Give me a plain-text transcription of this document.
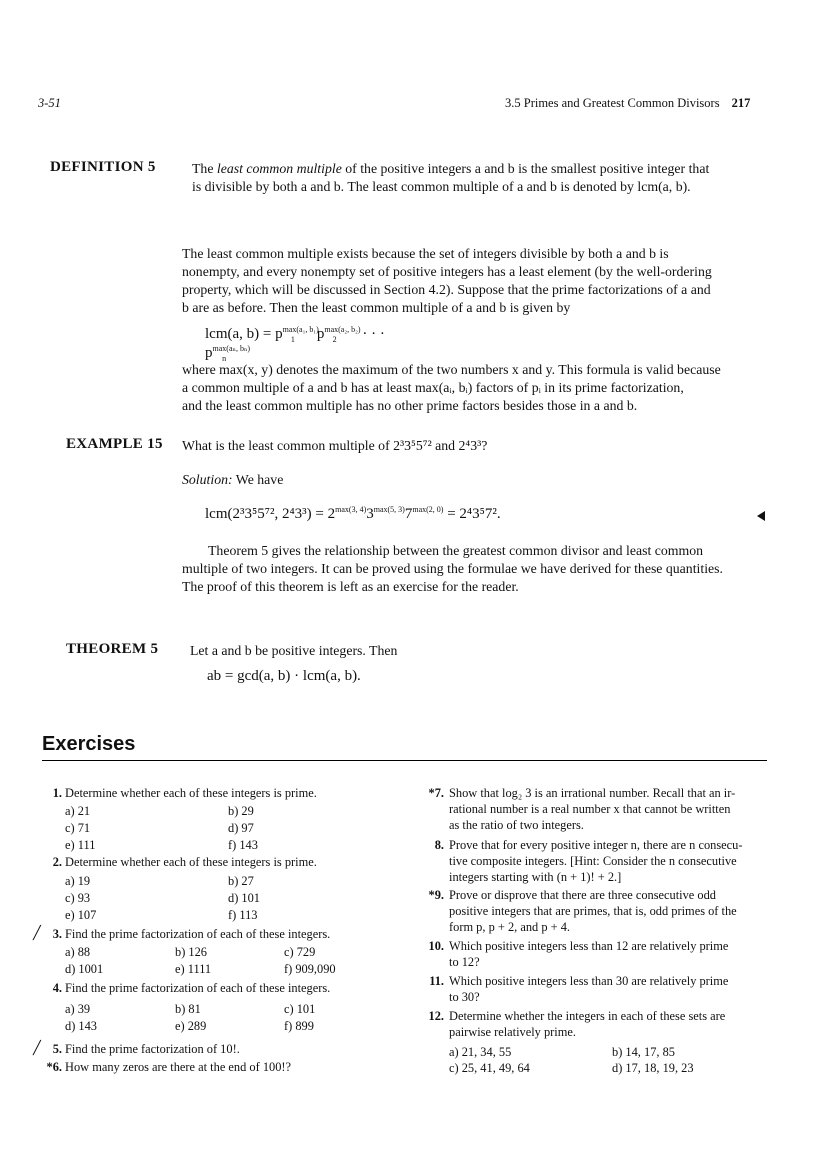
3-51	3.5 Primes and Greatest Common Divisors 217
DEFINITION 5	The least common multiple of the positive integers a and b is the smallest positive integer that
is divisible by both a and b. The least common multiple of a and b is denoted by lcm(a, b).
The least common multiple exists because the set of integers divisible by both a and b is
nonempty, and every nonempty set of positive integers has a least element (by the well-ordering
property, which will be discussed in Section 4.2). Suppose that the prime factorizations of a and
b are as before. Then the least common multiple of a and b is given by
lcm(a, $b) = p^{max(a_1, b_1)}_1$ $p^{max(a_2, b_2)}_2$ · · · $p^{max(a_n, b_n)}_n$
where max(x, y) denotes the maximum of the two numbers x and y. This formula is valid because
a common multiple of a and b has at least max(aᵢ, bᵢ) factors of pᵢ in its prime factorization,
and the least common multiple has no other prime factors besides those in a and b.
EXAMPLE 15 What is the least common multiple of 2³3⁵5⁷² and 2⁴3³?
Solution: We have
lcm(2³3⁵5⁷², $2^43^3) = 2^{max(3, 4)}3^{max(5, 3)}7^{max(2, 0)} = 2^43^57^2$.
Theorem 5 gives the relationship between the greatest common divisor and least common
multiple of two integers. It can be proved using the formulae we have derived for these quantities.
The proof of this theorem is left as an exercise for the reader.
THEOREM 5 Let a and b be positive integers. Then
ab = gcd(a, b) · lcm(a, b).
Exercises
1. Determine whether each of these integers is prime.
a) 21	b) 29
c) 71	d) 97
e) 111	f) 143
2. Determine whether each of these integers is prime.
a) 19	b) 27
c) 93	d) 101
e) 107	f) 113
╱ 3. Find the prime factorization of each of these integers.
a) 88	b) 126	c) 729
d) 1001	e) 1111	f) 909,090
4. Find the prime factorization of each of these integers.
a) 39	b) 81	c) 101
d) 143	e) 289	f) 899
╱ 5. Find the prime factorization of 10!.
*6. How many zeros are there at the end of 100!?
*7. Show that log₂ 3 is an irrational number. Recall that an ir-
rational number is a real number x that cannot be written
as the ratio of two integers.
8. Prove that for every positive integer n, there are n consecu-
tive composite integers. [Hint: Consider the n consecutive
integers starting with (n + 1)! + 2.]
*9. Prove or disprove that there are three consecutive odd
positive integers that are primes, that is, odd primes of the
form p, p + 2, and p + 4.
10. Which positive integers less than 12 are relatively prime
to 12?
11. Which positive integers less than 30 are relatively prime
to 30?
12. Determine whether the integers in each of these sets are
pairwise relatively prime.
a) 21, 34, 55	b) 14, 17, 85
c) 25, 41, 49, 64	d) 17, 18, 19, 23
